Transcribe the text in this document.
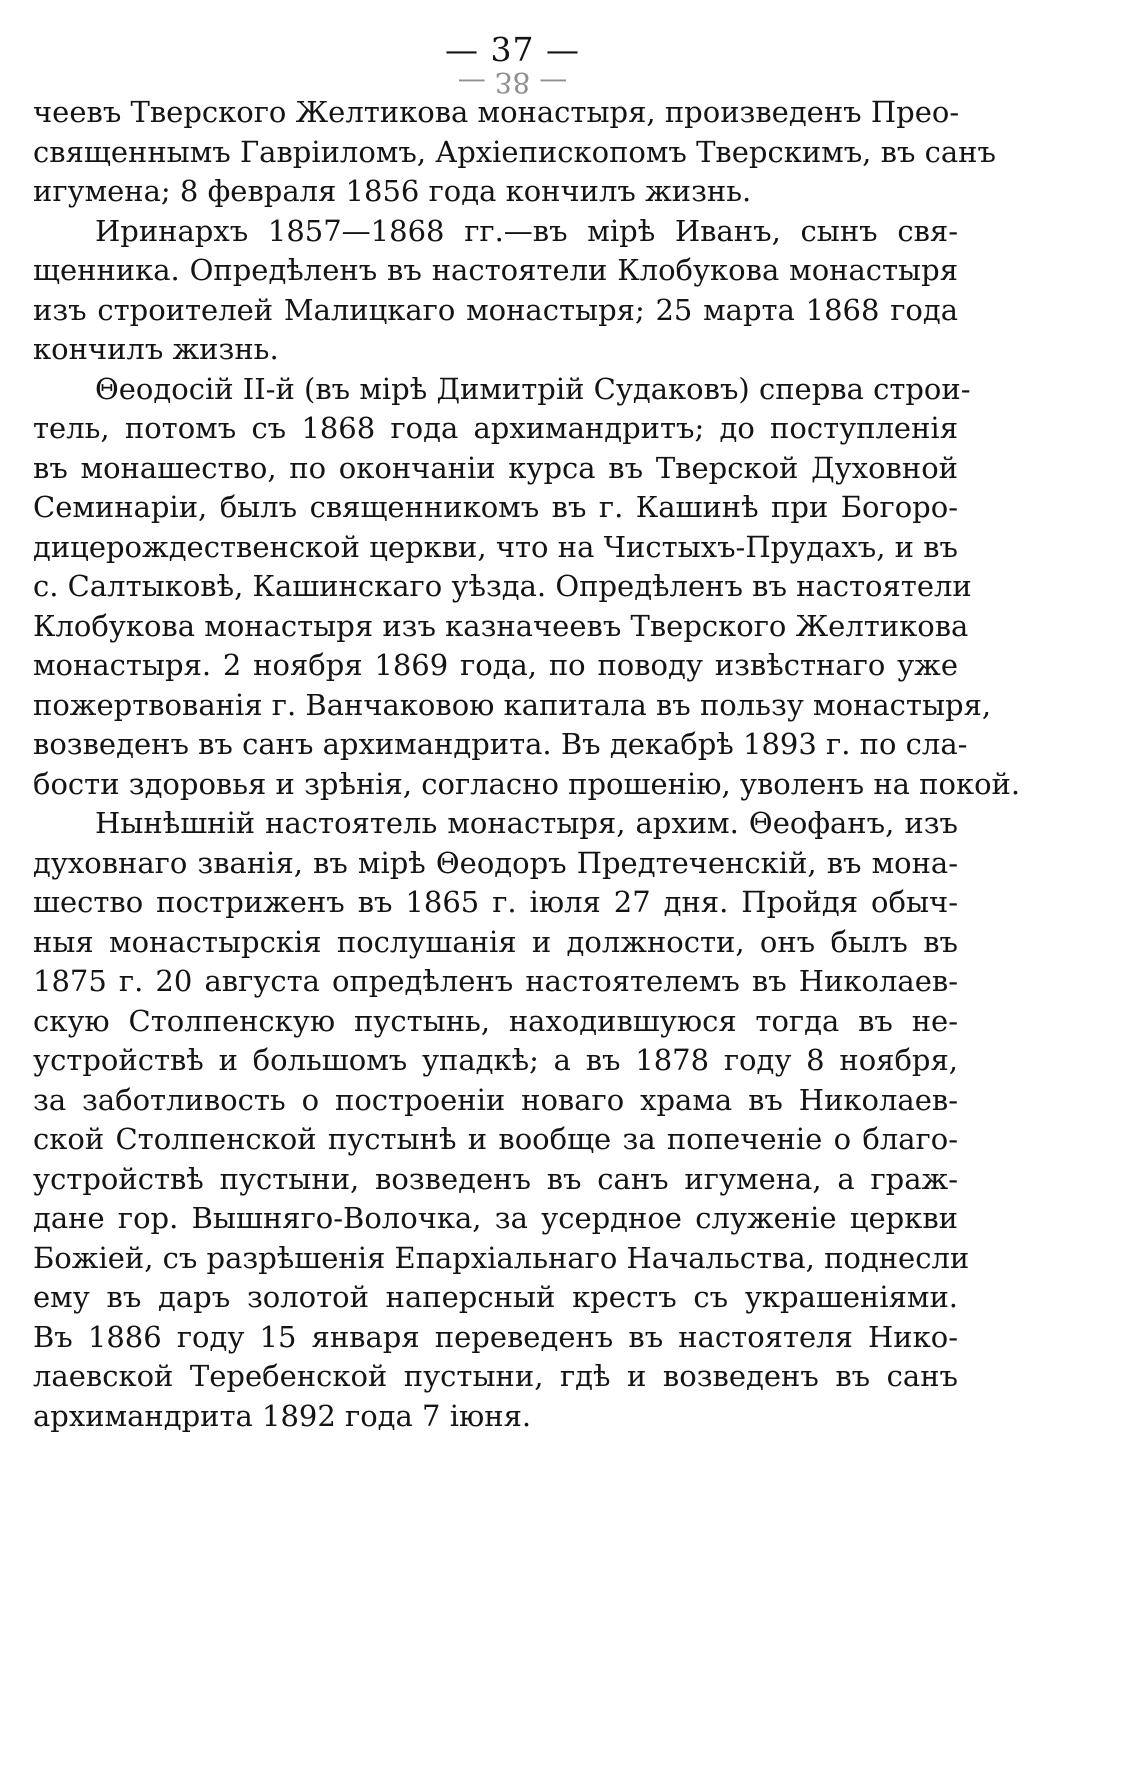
— 37 —
— 38 —
чеевъ Тверского Желтикова монастыря, произведенъ Прео-
священнымъ Гавріиломъ, Архіепископомъ Тверскимъ, въ санъ
игумена; 8 февраля 1856 года кончилъ жизнь.
Иринархъ 1857—1868 гг.—въ мірѣ Иванъ, сынъ свя-
щенника. Опредѣленъ въ настоятели Клобукова монастыря
изъ строителей Малицкаго монастыря; 25 марта 1868 года
кончилъ жизнь.
Θеодосій II-й (въ мірѣ Димитрій Судаковъ) сперва строи-
тель, потомъ съ 1868 года архимандритъ; до поступленія
въ монашество, по окончаніи курса въ Тверской Духовной
Семинаріи, былъ священникомъ въ г. Кашинѣ при Богоро-
дицерождественской церкви, что на Чистыхъ-Прудахъ, и въ
с. Салтыковѣ, Кашинскаго уѣзда. Опредѣленъ въ настоятели
Клобукова монастыря изъ казначеевъ Тверского Желтикова
монастыря. 2 ноября 1869 года, по поводу извѣстнаго уже
пожертвованія г. Ванчаковою капитала въ пользу монастыря,
возведенъ въ санъ архимандрита. Въ декабрѣ 1893 г. по сла-
бости здоровья и зрѣнія, согласно прошенію, уволенъ на покой.
Нынѣшній настоятель монастыря, архим. Θеофанъ, изъ
духовнаго званія, въ мірѣ Θеодоръ Предтеченскій, въ мона-
шество постриженъ въ 1865 г. іюля 27 дня. Пройдя обыч-
ныя монастырскія послушанія и должности, онъ былъ въ
1875 г. 20 августа опредѣленъ настоятелемъ въ Николаев-
скую Столпенскую пустынь, находившуюся тогда въ не-
устройствѣ и большомъ упадкѣ; а въ 1878 году 8 ноября,
за заботливость о построеніи новаго храма въ Николаев-
ской Столпенской пустынѣ и вообще за попеченіе о благо-
устройствѣ пустыни, возведенъ въ санъ игумена, а граж-
дане гор. Вышняго-Волочка, за усердное служеніе церкви
Божіей, съ разрѣшенія Епархіальнаго Начальства, поднесли
ему въ даръ золотой наперсный крестъ съ украшеніями.
Въ 1886 году 15 января переведенъ въ настоятеля Нико-
лаевской Теребенской пустыни, гдѣ и возведенъ въ санъ
архимандрита 1892 года 7 іюня.
